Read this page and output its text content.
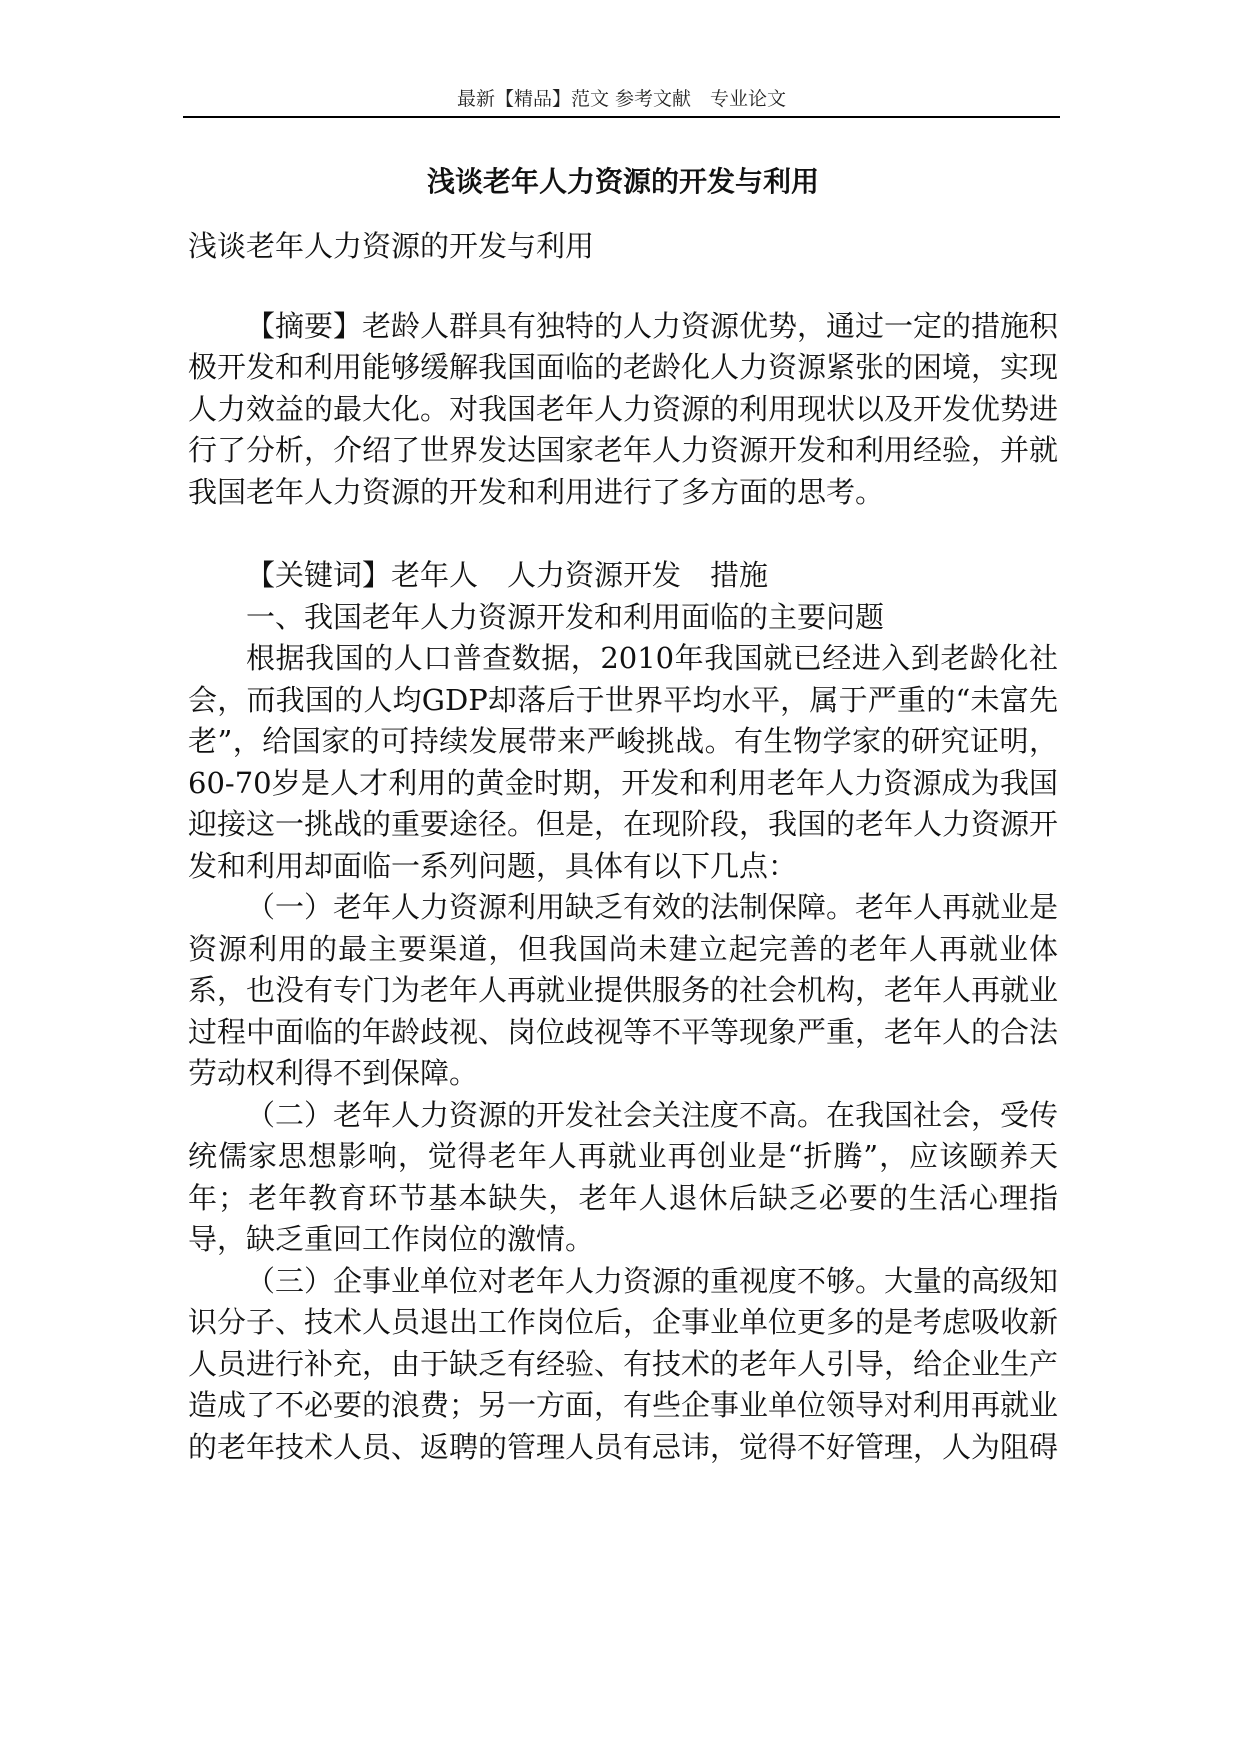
最新【精品】范文 参考文献　专业论文

浅谈老年人力资源的开发与利用

浅谈老年人力资源的开发与利用

【摘要】老龄人群具有独特的人力资源优势，通过一定的措施积极开发和利用能够缓解我国面临的老龄化人力资源紧张的困境，实现人力效益的最大化。对我国老年人力资源的利用现状以及开发优势进行了分析，介绍了世界发达国家老年人力资源开发和利用经验，并就我国老年人力资源的开发和利用进行了多方面的思考。

【关键词】老年人　人力资源开发　措施

一、我国老年人力资源开发和利用面临的主要问题

根据我国的人口普查数据，2010年我国就已经进入到老龄化社会，而我国的人均GDP却落后于世界平均水平，属于严重的“未富先老”，给国家的可持续发展带来严峻挑战。有生物学家的研究证明，60-70岁是人才利用的黄金时期，开发和利用老年人力资源成为我国迎接这一挑战的重要途径。但是，在现阶段，我国的老年人力资源开发和利用却面临一系列问题，具体有以下几点：

（一）老年人力资源利用缺乏有效的法制保障。老年人再就业是资源利用的最主要渠道，但我国尚未建立起完善的老年人再就业体系，也没有专门为老年人再就业提供服务的社会机构，老年人再就业过程中面临的年龄歧视、岗位歧视等不平等现象严重，老年人的合法劳动权利得不到保障。

（二）老年人力资源的开发社会关注度不高。在我国社会，受传统儒家思想影响，觉得老年人再就业再创业是“折腾”，应该颐养天年；老年教育环节基本缺失，老年人退休后缺乏必要的生活心理指导，缺乏重回工作岗位的激情。

（三）企事业单位对老年人力资源的重视度不够。大量的高级知识分子、技术人员退出工作岗位后，企事业单位更多的是考虑吸收新人员进行补充，由于缺乏有经验、有技术的老年人引导，给企业生产造成了不必要的浪费；另一方面，有些企事业单位领导对利用再就业的老年技术人员、返聘的管理人员有忌讳，觉得不好管理，人为阻碍
